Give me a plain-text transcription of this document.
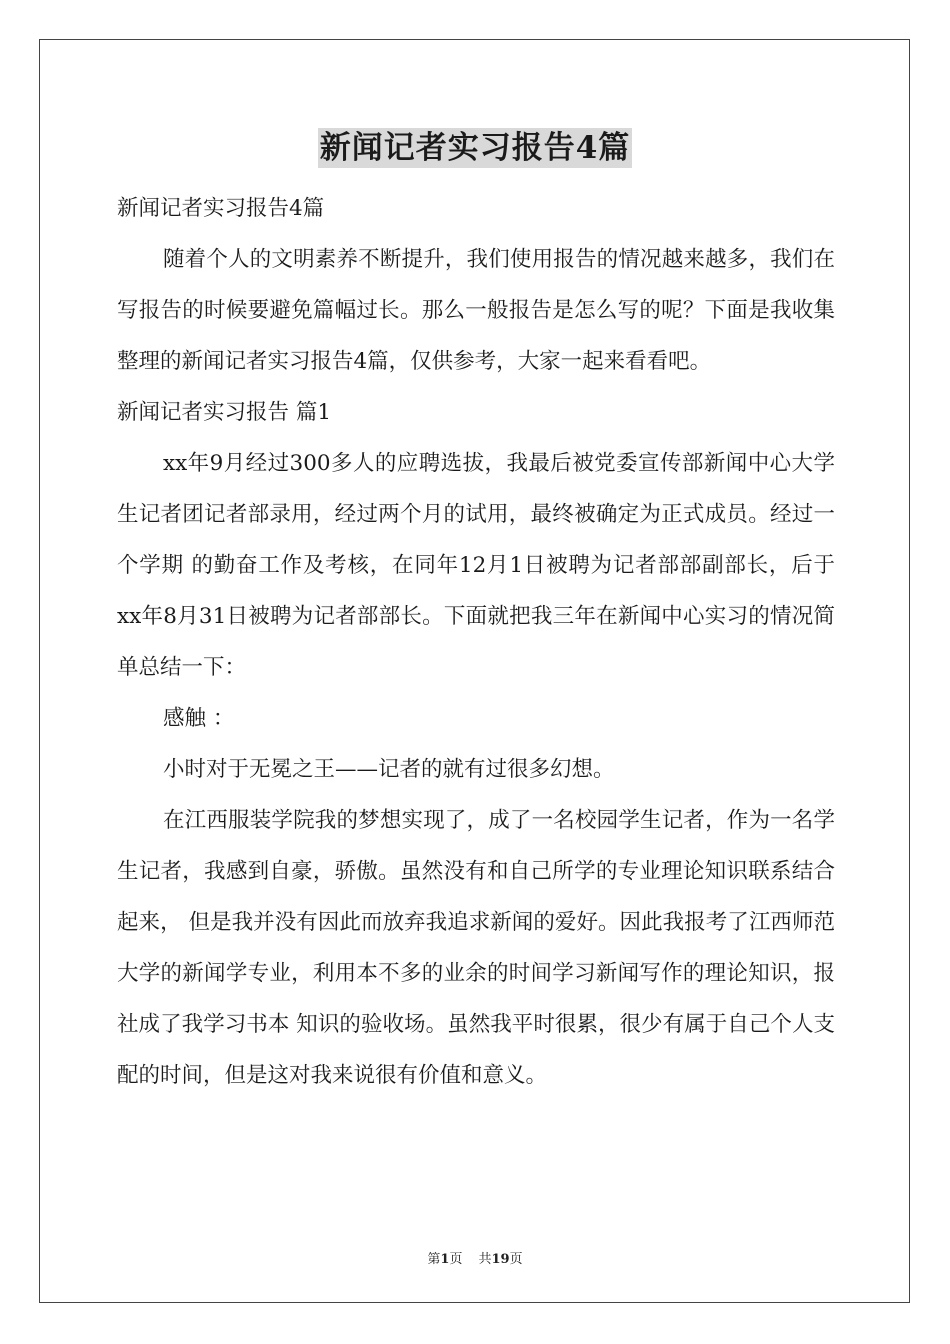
新闻记者实习报告4篇

新闻记者实习报告4篇

随着个人的文明素养不断提升，我们使用报告的情况越来越多，我们在写报告的时候要避免篇幅过长。那么一般报告是怎么写的呢？下面是我收集整理的新闻记者实习报告4篇，仅供参考，大家一起来看看吧。

新闻记者实习报告 篇1

xx年9月经过300多人的应聘选拔，我最后被党委宣传部新闻中心大学生记者团记者部录用，经过两个月的试用，最终被确定为正式成员。经过一个学期 的勤奋工作及考核，在同年12月1日被聘为记者部部副部长，后于 xx年8月31日被聘为记者部部长。下面就把我三年在新闻中心实习的情况简单总结一下：

感触 ：

小时对于无冕之王——记者的就有过很多幻想。

在江西服装学院我的梦想实现了，成了一名校园学生记者，作为一名学生记者，我感到自豪，骄傲。虽然没有和自己所学的专业理论知识联系结合起来， 但是我并没有因此而放弃我追求新闻的爱好。因此我报考了江西师范大学的新闻学专业，利用本不多的业余的时间学习新闻写作的理论知识，报社成了我学习书本 知识的验收场。虽然我平时很累，很少有属于自己个人支配的时间，但是这对我来说很有价值和意义。

第1页 共19页
